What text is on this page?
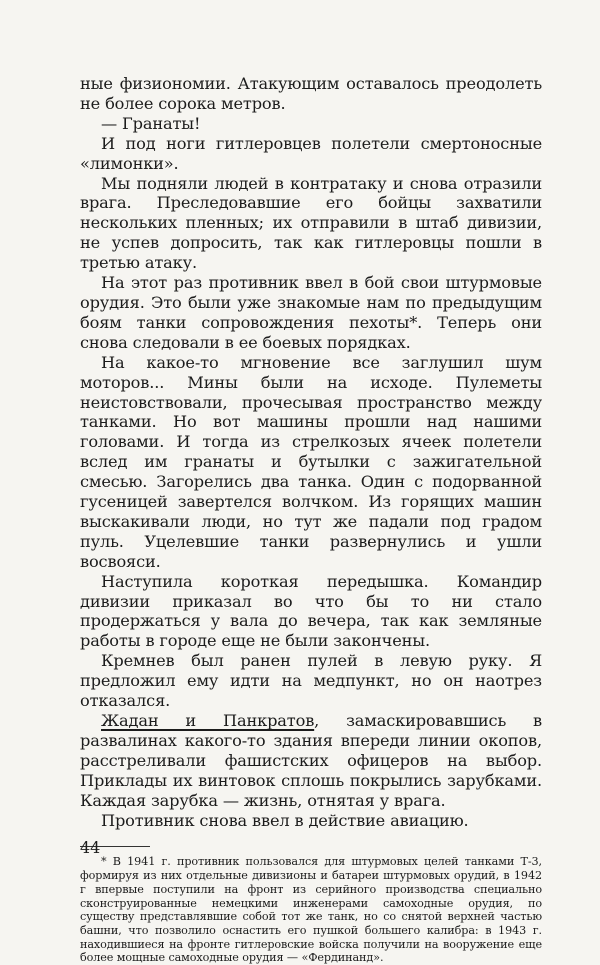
ные физиономии. Атакующим оставалось преодолеть не более сорока метров.

— Гранаты!

И под ноги гитлеровцев полетели смертоносные «лимонки».

Мы подняли людей в контратаку и снова отразили врага. Преследовавшие его бойцы захватили нескольких пленных; их отправили в штаб дивизии, не успев допросить, так как гитлеровцы пошли в третью атаку.

На этот раз противник ввел в бой свои штурмовые орудия. Это были уже знакомые нам по предыдущим боям танки сопровождения пехоты*. Теперь они снова следовали в ее боевых порядках.

На какое-то мгновение все заглушил шум моторов... Мины были на исходе. Пулеметы неистовствовали, прочесывая пространство между танками. Но вот машины прошли над нашими головами. И тогда из стрелкозых ячеек полетели вслед им гранаты и бутылки с зажигательной смесью. Загорелись два танка. Один с подорванной гусеницей завертелся волчком. Из горящих машин выскакивали люди, но тут же падали под градом пуль. Уцелевшие танки развернулись и ушли восвояси.

Наступила короткая передышка. Командир дивизии приказал во что бы то ни стало продержаться у вала до вечера, так как земляные работы в городе еще не были закончены.

Кремнев был ранен пулей в левую руку. Я предложил ему идти на медпункт, но он наотрез отказался.

Жадан и Панкратов, замаскировавшись в развалинах какого-то здания впереди линии окопов, расстреливали фашистских офицеров на выбор. Приклады их винтовок сплошь покрылись зарубками. Каждая зарубка — жизнь, отнятая у врага.

Противник снова ввел в действие авиацию.

* В 1941 г. противник пользовался для штурмовых целей танками Т-3, формируя из них отдельные дивизионы и батареи штурмовых орудий, в 1942 г впервые поступили на фронт из серийного производства специально сконструированные немецкими инженерами самоходные орудия, по существу представлявшие собой тот же танк, но со снятой верхней частью башни, что позволило оснастить его пушкой большего калибра: в 1943 г. находившиеся на фронте гитлеровские войска получили на вооружение еще более мощные самоходные орудия — «Фердинанд».

44
